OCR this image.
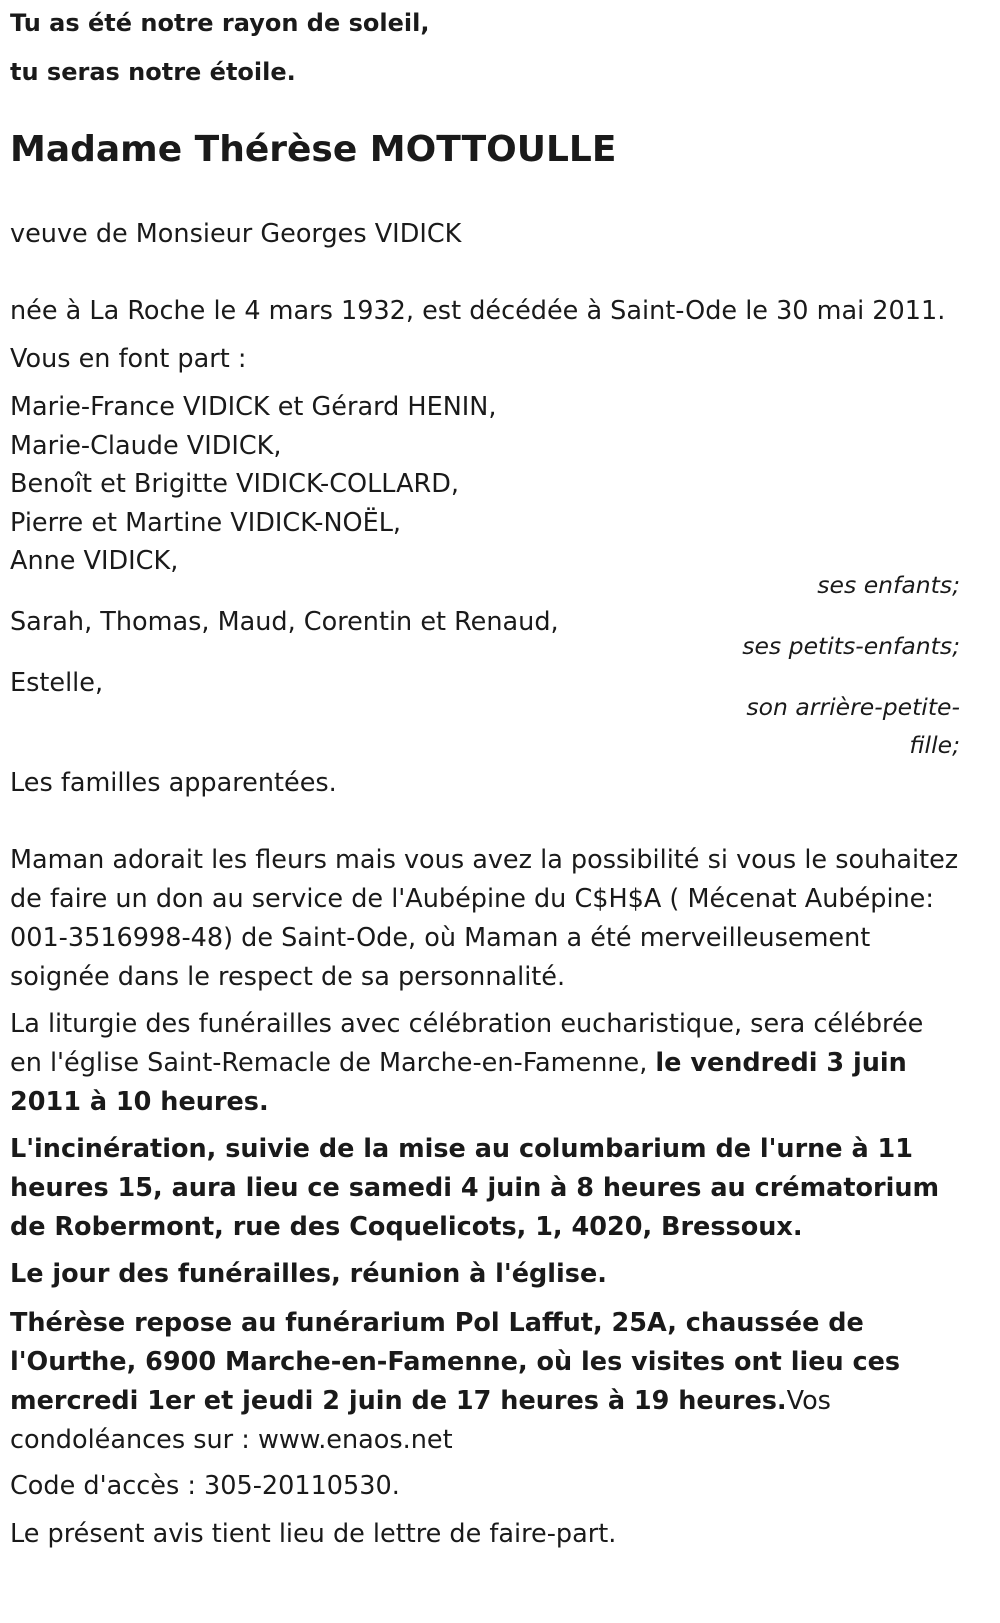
Tu as été notre rayon de soleil,
tu seras notre étoile.
Madame Thérèse MOTTOULLE
veuve de Monsieur Georges VIDICK
née à La Roche le 4 mars 1932, est décédée à Saint-Ode le 30 mai 2011.
Vous en font part :
Marie-France VIDICK et Gérard HENIN,
Marie-Claude VIDICK,
Benoît et Brigitte VIDICK-COLLARD,
Pierre et Martine VIDICK-NOËL,
Anne VIDICK,
ses enfants;
Sarah, Thomas, Maud, Corentin et Renaud,
ses petits-enfants;
Estelle,
son arrière-petite-fille;
Les familles apparentées.
Maman adorait les fleurs mais vous avez la possibilité si vous le souhaitez de faire un don au service de l'Aubépine du C$H$A ( Mécenat Aubépine: 001-3516998-48) de Saint-Ode, où Maman a été merveilleusement soignée dans le respect de sa personnalité.
La liturgie des funérailles avec célébration eucharistique, sera célébrée en l'église Saint-Remacle de Marche-en-Famenne, le vendredi 3 juin 2011 à 10 heures.
L'incinération, suivie de la mise au columbarium de l'urne à 11 heures 15, aura lieu ce samedi 4 juin à 8 heures au crématorium de Robermont, rue des Coquelicots, 1, 4020, Bressoux.
Le jour des funérailles, réunion à l'église.
Thérèse repose au funérarium Pol Laffut, 25A, chaussée de l'Ourthe, 6900 Marche-en-Famenne, où les visites ont lieu ces mercredi 1er et jeudi 2 juin de 17 heures à 19 heures.Vos condoléances sur : www.enaos.net
Code d'accès : 305-20110530.
Le présent avis tient lieu de lettre de faire-part.
